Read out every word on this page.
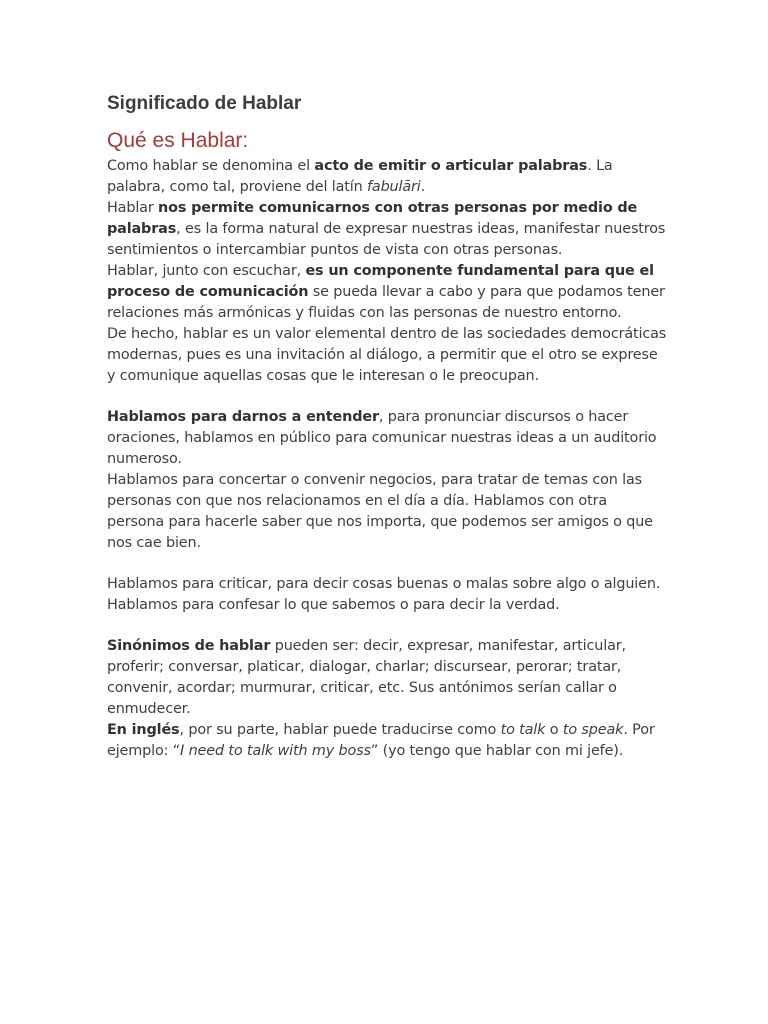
Significado de Hablar
Qué es Hablar:

Como hablar se denomina el acto de emitir o articular palabras. La palabra, como tal, proviene del latín fabulāri.

Hablar nos permite comunicarnos con otras personas por medio de palabras, es la forma natural de expresar nuestras ideas, manifestar nuestros sentimientos o intercambiar puntos de vista con otras personas.

Hablar, junto con escuchar, es un componente fundamental para que el proceso de comunicación se pueda llevar a cabo y para que podamos tener relaciones más armónicas y fluidas con las personas de nuestro entorno.

De hecho, hablar es un valor elemental dentro de las sociedades democráticas modernas, pues es una invitación al diálogo, a permitir que el otro se exprese y comunique aquellas cosas que le interesan o le preocupan.

Hablamos para darnos a entender, para pronunciar discursos o hacer oraciones, hablamos en público para comunicar nuestras ideas a un auditorio numeroso.

Hablamos para concertar o convenir negocios, para tratar de temas con las personas con que nos relacionamos en el día a día. Hablamos con otra persona para hacerle saber que nos importa, que podemos ser amigos o que nos cae bien.

Hablamos para criticar, para decir cosas buenas o malas sobre algo o alguien.

Hablamos para confesar lo que sabemos o para decir la verdad.

Sinónimos de hablar pueden ser: decir, expresar, manifestar, articular, proferir; conversar, platicar, dialogar, charlar; discursear, perorar; tratar, convenir, acordar; murmurar, criticar, etc. Sus antónimos serían callar o enmudecer.

En inglés, por su parte, hablar puede traducirse como to talk o to speak. Por ejemplo: “I need to talk with my boss” (yo tengo que hablar con mi jefe).
